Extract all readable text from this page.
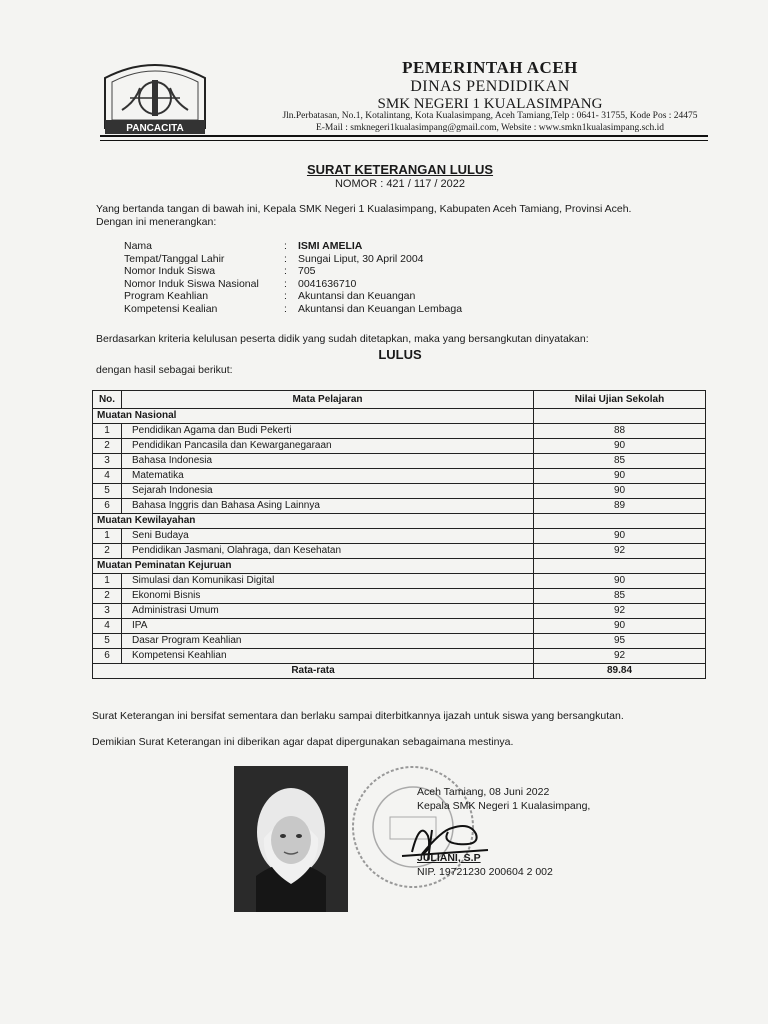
PANCACITA
PEMERINTAH ACEH
DINAS PENDIDIKAN
SMK NEGERI 1 KUALASIMPANG
Jln.Perbatasan, No.1, Kotalintang, Kota Kualasimpang, Aceh Tamiang,Telp : 0641- 31755, Kode Pos : 24475
E-Mail : smknegeri1kualasimpang@gmail.com, Website : www.smkn1kualasimpang.sch.id
SURAT KETERANGAN LULUS
NOMOR : 421 / 117 / 2022
Yang bertanda tangan di bawah ini, Kepala SMK Negeri 1 Kualasimpang, Kabupaten Aceh Tamiang, Provinsi Aceh.
Dengan ini menerangkan:
Nama	:	ISMI AMELIA
Tempat/Tanggal Lahir	:	Sungai Liput, 30 April 2004
Nomor Induk Siswa	:	705
Nomor Induk Siswa Nasional	:	0041636710
Program Keahlian	:	Akuntansi dan Keuangan
Kompetensi Kealian	:	Akuntansi dan Keuangan Lembaga
Berdasarkan kriteria kelulusan peserta didik yang sudah ditetapkan, maka yang bersangkutan dinyatakan:
LULUS
dengan hasil sebagai berikut:
No.	Mata Pelajaran	Nilai Ujian Sekolah
Muatan Nasional		
1	Pendidikan Agama dan Budi Pekerti	88
2	Pendidikan Pancasila dan Kewarganegaraan	90
3	Bahasa Indonesia	85
4	Matematika	90
5	Sejarah Indonesia	90
6	Bahasa Inggris dan Bahasa Asing Lainnya	89
Muatan Kewilayahan		
1	Seni Budaya	90
2	Pendidikan Jasmani, Olahraga, dan Kesehatan	92
Muatan Peminatan Kejuruan		
1	Simulasi dan Komunikasi Digital	90
2	Ekonomi Bisnis	85
3	Administrasi Umum	92
4	IPA	90
5	Dasar Program Keahlian	95
6	Kompetensi Keahlian	92
Rata-rata		89.84
Surat Keterangan ini bersifat sementara dan berlaku sampai diterbitkannya ijazah untuk siswa yang bersangkutan.
Demikian Surat Keterangan ini diberikan agar dapat dipergunakan sebagaimana mestinya.
Aceh Tamiang, 08 Juni 2022
Kepala SMK Negeri 1 Kualasimpang,
JULIANI, S.P
NIP. 19721230 200604 2 002
